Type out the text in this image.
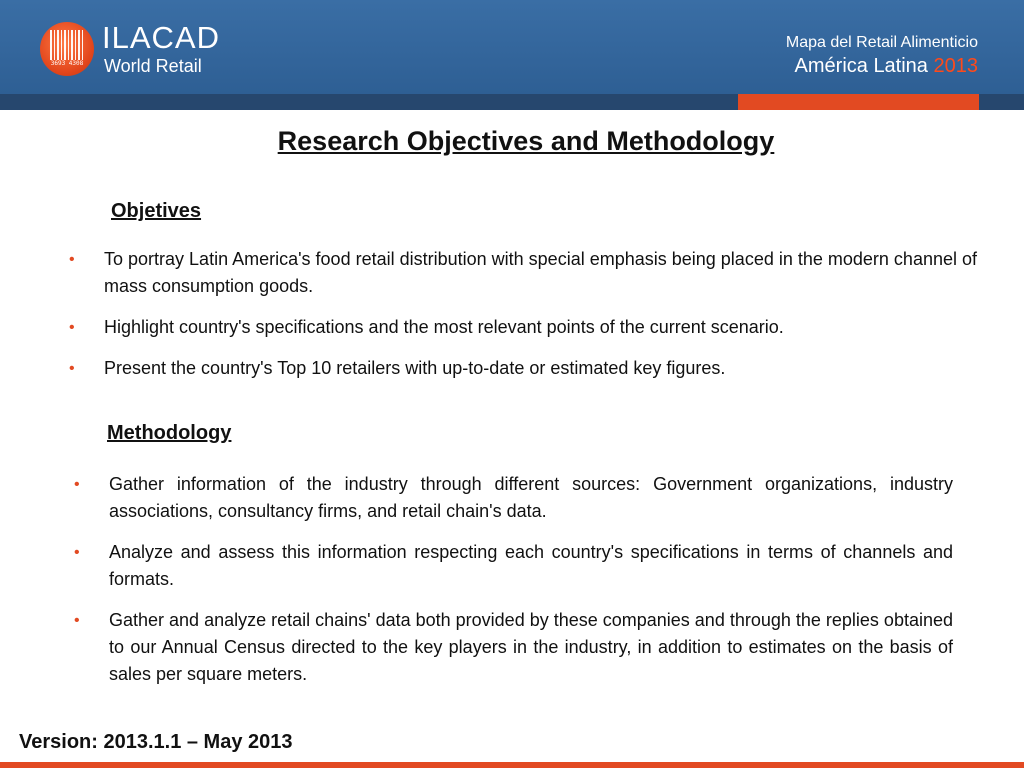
3693 4308
ILACAD
World Retail
Mapa del Retail Alimenticio
América Latina 2013
Research Objectives and Methodology
Objetives
• To portray Latin America's food retail distribution with special emphasis being placed in the modern channel of mass consumption goods.
• Highlight country's specifications and the most relevant points of the current scenario.
• Present the country's Top 10 retailers with up-to-date or estimated key figures.
Methodology
• Gather information of the industry through different sources: Government organizations, industry associations, consultancy firms, and retail chain's data.
• Analyze and assess this information respecting each country's specifications in terms of channels and formats.
• Gather and analyze retail chains' data both provided by these companies and through the replies obtained to our Annual Census directed to the key players in the industry, in addition to estimates on the basis of sales per square meters.
Version: 2013.1.1 – May 2013
